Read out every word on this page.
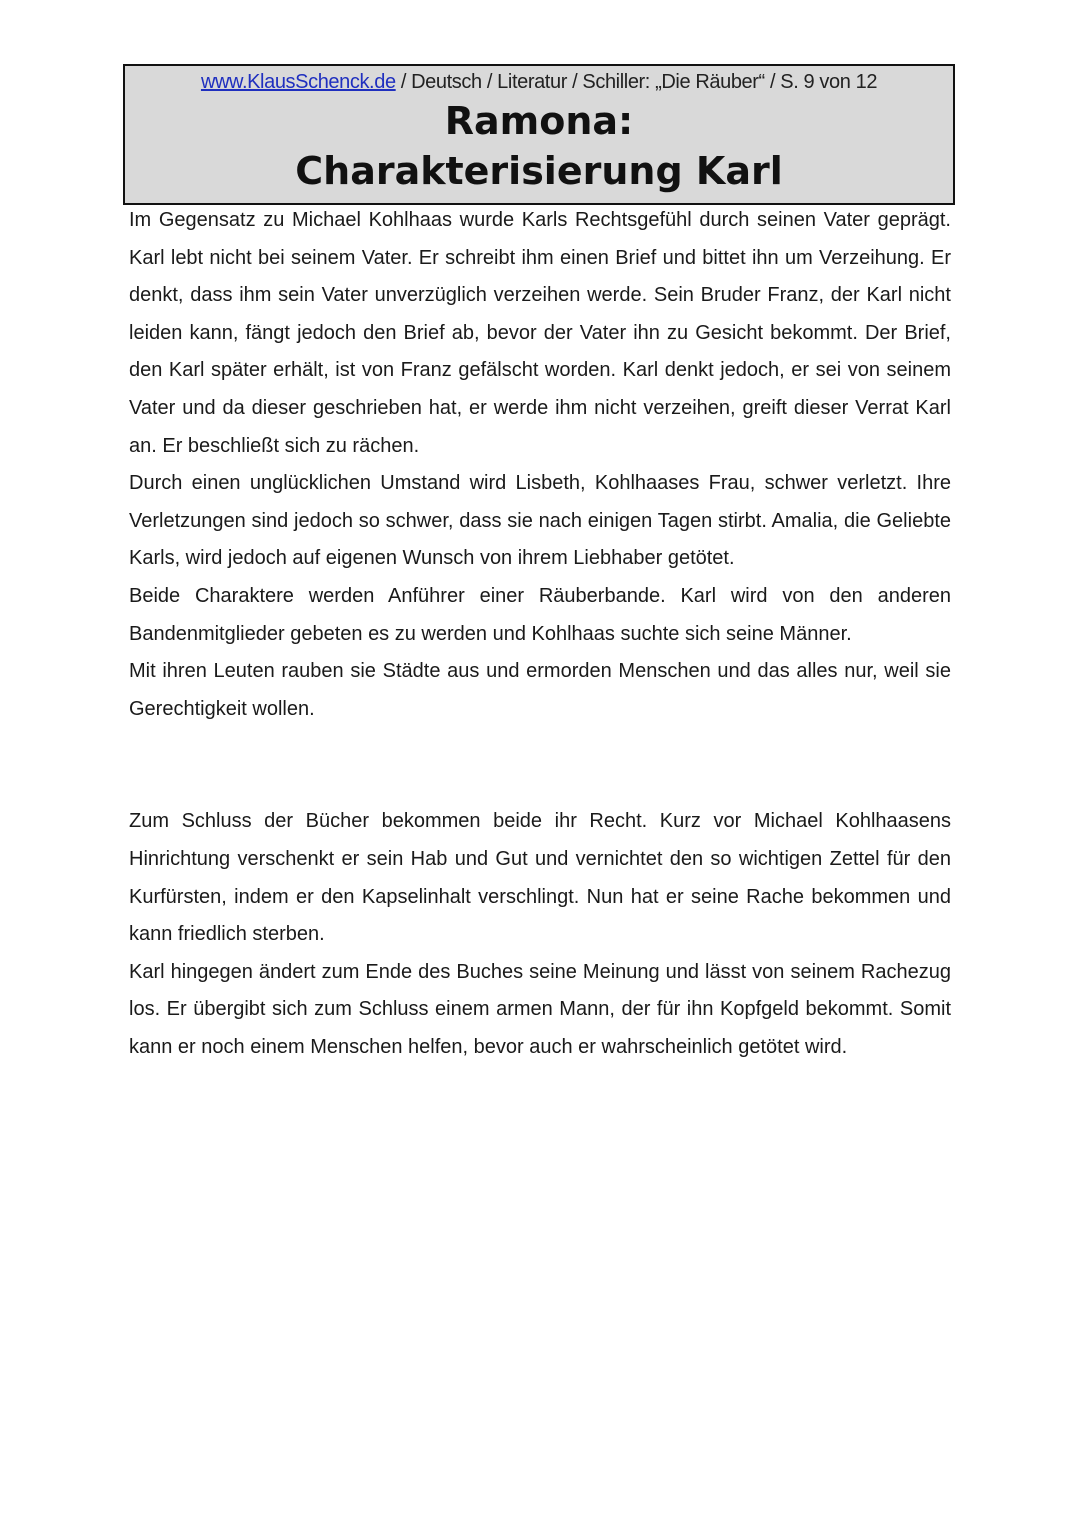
www.KlausSchenck.de / Deutsch / Literatur / Schiller: „Die Räuber“ / S. 9 von 12
Ramona:
Charakterisierung Karl

Im Gegensatz zu Michael Kohlhaas wurde Karls Rechtsgefühl durch seinen Vater geprägt. Karl lebt nicht bei seinem Vater. Er schreibt ihm einen Brief und bittet ihn um Verzeihung. Er denkt, dass ihm sein Vater unverzüglich verzeihen werde. Sein Bruder Franz, der Karl nicht leiden kann, fängt jedoch den Brief ab, bevor der Vater ihn zu Gesicht bekommt. Der Brief, den Karl später erhält, ist von Franz gefälscht worden. Karl denkt jedoch, er sei von seinem Vater und da dieser geschrieben hat, er werde ihm nicht verzeihen, greift dieser Verrat Karl an. Er beschließt sich zu rächen.

Durch einen unglücklichen Umstand wird Lisbeth, Kohlhaases Frau, schwer verletzt. Ihre Verletzungen sind jedoch so schwer, dass sie nach einigen Tagen stirbt. Amalia, die Geliebte Karls, wird jedoch auf eigenen Wunsch von ihrem Liebhaber getötet.

Beide Charaktere werden Anführer einer Räuberbande. Karl wird von den anderen Bandenmitglieder gebeten es zu werden und Kohlhaas suchte sich seine Männer.

Mit ihren Leuten rauben sie Städte aus und ermorden Menschen und das alles nur, weil sie Gerechtigkeit wollen.

Zum Schluss der Bücher bekommen beide ihr Recht. Kurz vor Michael Kohlhaasens Hinrichtung verschenkt er sein Hab und Gut und vernichtet den so wichtigen Zettel für den Kurfürsten, indem er den Kapselinhalt verschlingt. Nun hat er seine Rache bekommen und kann friedlich sterben.

Karl hingegen ändert zum Ende des Buches seine Meinung und lässt von seinem Rachezug los. Er übergibt sich zum Schluss einem armen Mann, der für ihn Kopfgeld bekommt. Somit kann er noch einem Menschen helfen, bevor auch er wahrscheinlich getötet wird.
